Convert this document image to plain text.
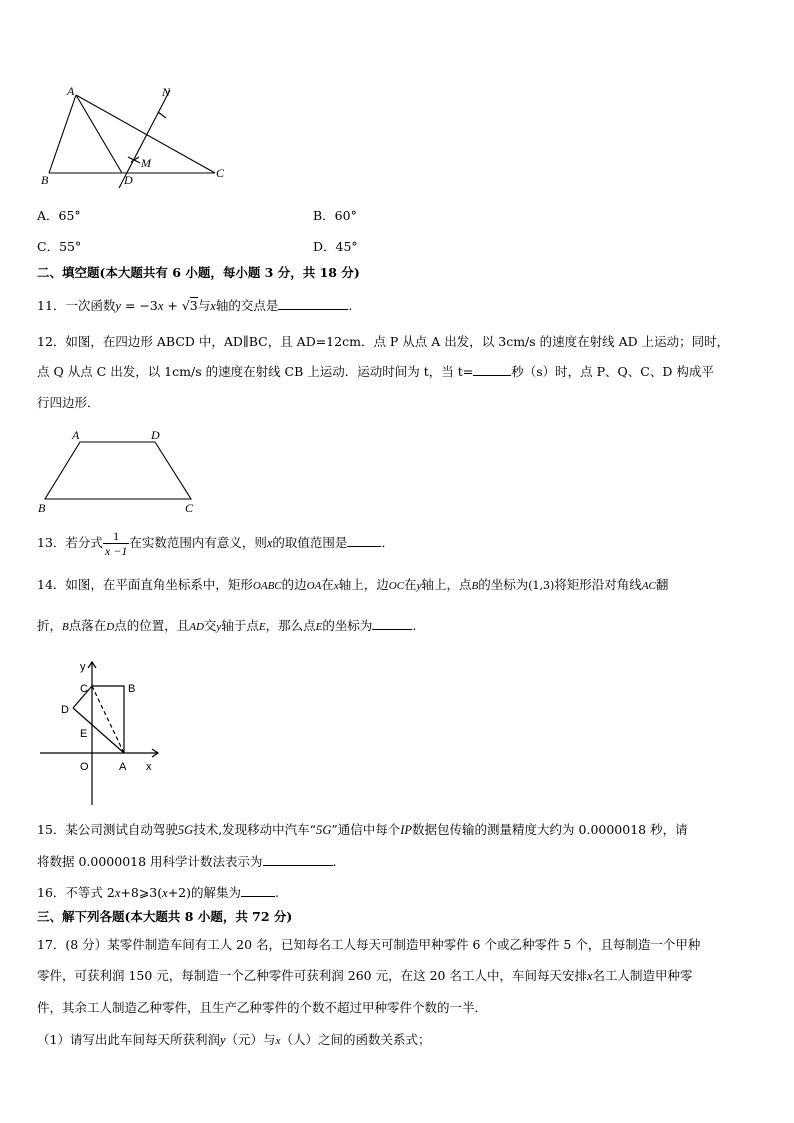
A
B	C
D
M
N
A．65°	B．60°
C．55°	D．45°
二、填空题(本大题共有 6 小题，每小题 3 分，共 18 分)
11．一次函数y = −3x + √3与x轴的交点是	.
12．如图，在四边形 ABCD 中，AD∥BC，且 AD=12cm．点 P 从点 A 出发，以 3cm/s 的速度在射线 AD 上运动；同时，
点 Q 从点 C 出发，以 1cm/s 的速度在射线 CB 上运动．运动时间为 t，当 t=	秒（s）时，点 P、Q、C、D 构成平
行四边形．
A	D
B	C
13．若分式 $\frac{1}{x -1}$ 在实数范围内有意义，则x的取值范围是	．
14．如图，在平面直角坐标系中，矩形OABC的边OA在x轴上，边OC在y轴上，点B的坐标为(1,3)将矩形沿对角线AC翻
折，B点落在D点的位置，且AD交y轴于点E，那么点E的坐标为	.
y
x
C	B
D
E
O	A
15．某公司测试自动驾驶5G技术,发现移动中汽车“5G”通信中每个IP数据包传输的测量精度大约为 0.0000018 秒，请
将数据 0.0000018 用科学计数法表示为	.
16．不等式 2x+8⩾3(x+2)的解集为	.
三、解下列各题(本大题共 8 小题，共 72 分)
17．(8 分）某零件制造车间有工人 20 名，已知每名工人每天可制造甲种零件 6 个或乙种零件 5 个，且每制造一个甲种
零件，可获利润 150 元，每制造一个乙种零件可获利润 260 元，在这 20 名工人中，车间每天安排x名工人制造甲种零
件，其余工人制造乙种零件，且生产乙种零件的个数不超过甲种零件个数的一半．
（1）请写出此车间每天所获利润y（元）与x（人）之间的函数关系式；
